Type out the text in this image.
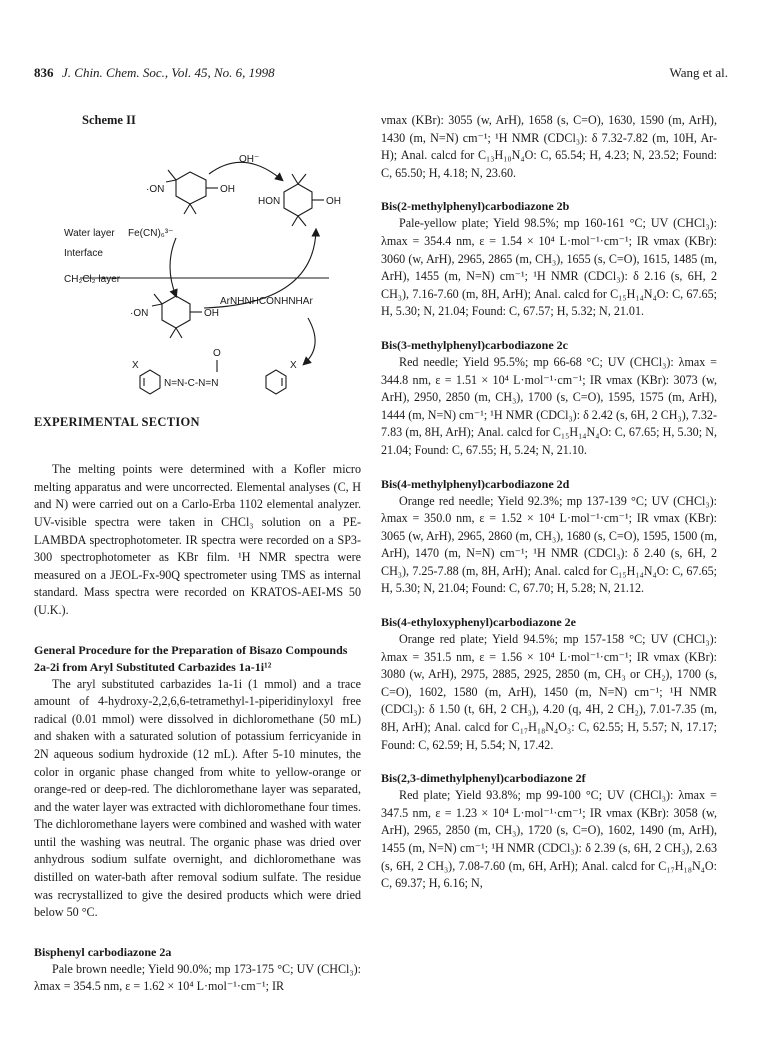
836 J. Chin. Chem. Soc., Vol. 45, No. 6, 1998	Wang et al.
Scheme II
OH⁻
·ON	OH
HON	OH
Water layer Fe(CN)₆³⁻
Interface
CH₂Cl₂ layer
·ON	OH
ArNHNHCONHNHAr
X
O
N=N-C-N=N
X
EXPERIMENTAL SECTION

The melting points were determined with a Kofler micro melting apparatus and were uncorrected. Elemental analyses (C, H and N) were carried out on a Carlo-Erba 1102 elemental analyzer. UV-visible spectra were taken in CHCl₃ solution on a PE-LAMBDA spectrophotometer. IR spectra were recorded on a SP3-300 spectrophotometer as KBr film. ¹H NMR spectra were measured on a JEOL-Fx-90Q spectrometer using TMS as internal standard. Mass spectra were recorded on KRATOS-AEI-MS 50 (U.K.).

General Procedure for the Preparation of Bisazo Compounds 2a-2i from Aryl Substituted Carbazides 1a-1i¹²

The aryl substituted carbazides 1a-1i (1 mmol) and a trace amount of 4-hydroxy-2,2,6,6-tetramethyl-1-piperidinyloxyl free radical (0.01 mmol) were dissolved in dichloromethane (50 mL) and shaken with a saturated solution of potassium ferricyanide in 2N aqueous sodium hydroxide (12 mL). After 5-10 minutes, the color in organic phase changed from white to yellow-orange or orange-red or deep-red. The dichloromethane layer was separated, and the water layer was extracted with dichloromethane four times. The dichloromethane layers were combined and washed with water until the washing was neutral. The organic phase was dried over anhydrous sodium sulfate overnight, and dichloromethane was distilled on water-bath after removal sodium sulfate. The residue was recrystallized to give the desired products which were dried below 50 °C.

Bisphenyl carbodiazone 2a

Pale brown needle; Yield 90.0%; mp 173-175 °C; UV (CHCl₃): λmax = 354.5 nm, ε = 1.62 × 10⁴ L·mol⁻¹·cm⁻¹; IR

νmax (KBr): 3055 (w, ArH), 1658 (s, C=O), 1630, 1590 (m, ArH), 1430 (m, N=N) cm⁻¹; ¹H NMR (CDCl₃): δ 7.32-7.82 (m, 10H, Ar-H); Anal. calcd for C₁₃H₁₀N₄O: C, 65.54; H, 4.23; N, 23.52; Found: C, 65.50; H, 4.18; N, 23.60.

Bis(2-methylphenyl)carbodiazone 2b

Pale-yellow plate; Yield 98.5%; mp 160-161 °C; UV (CHCl₃): λmax = 354.4 nm, ε = 1.54 × 10⁴ L·mol⁻¹·cm⁻¹; IR νmax (KBr): 3060 (w, ArH), 2965, 2865 (m, CH₃), 1655 (s, C=O), 1615, 1485 (m, ArH), 1455 (m, N=N) cm⁻¹; ¹H NMR (CDCl₃): δ 2.16 (s, 6H, 2 CH₃), 7.16-7.60 (m, 8H, ArH); Anal. calcd for C₁₅H₁₄N₄O: C, 67.65; H, 5.30; N, 21.04; Found: C, 67.57; H, 5.32; N, 21.01.

Bis(3-methylphenyl)carbodiazone 2c

Red needle; Yield 95.5%; mp 66-68 °C; UV (CHCl₃): λmax = 344.8 nm, ε = 1.51 × 10⁴ L·mol⁻¹·cm⁻¹; IR νmax (KBr): 3073 (w, ArH), 2950, 2850 (m, CH₃), 1700 (s, C=O), 1595, 1575 (m, ArH), 1444 (m, N=N) cm⁻¹; ¹H NMR (CDCl₃): δ 2.42 (s, 6H, 2 CH₃), 7.32-7.83 (m, 8H, ArH); Anal. calcd for C₁₅H₁₄N₄O: C, 67.65; H, 5.30; N, 21.04; Found: C, 67.55; H, 5.24; N, 21.10.

Bis(4-methylphenyl)carbodiazone 2d

Orange red needle; Yield 92.3%; mp 137-139 °C; UV (CHCl₃): λmax = 350.0 nm, ε = 1.52 × 10⁴ L·mol⁻¹·cm⁻¹; IR νmax (KBr): 3065 (w, ArH), 2965, 2860 (m, CH₃), 1680 (s, C=O), 1595, 1500 (m, ArH), 1470 (m, N=N) cm⁻¹; ¹H NMR (CDCl₃): δ 2.40 (s, 6H, 2 CH₃), 7.25-7.88 (m, 8H, ArH); Anal. calcd for C₁₅H₁₄N₄O: C, 67.65; H, 5.30; N, 21.04; Found: C, 67.70; H, 5.28; N, 21.12.

Bis(4-ethyloxyphenyl)carbodiazone 2e

Orange red plate; Yield 94.5%; mp 157-158 °C; UV (CHCl₃): λmax = 351.5 nm, ε = 1.56 × 10⁴ L·mol⁻¹·cm⁻¹; IR νmax (KBr): 3080 (w, ArH), 2975, 2885, 2925, 2850 (m, CH₃ or CH₂), 1700 (s, C=O), 1602, 1580 (m, ArH), 1450 (m, N=N) cm⁻¹; ¹H NMR (CDCl₃): δ 1.50 (t, 6H, 2 CH₃), 4.20 (q, 4H, 2 CH₂), 7.01-7.35 (m, 8H, ArH); Anal. calcd for C₁₇H₁₈N₄O₃: C, 62.55; H, 5.57; N, 17.17; Found: C, 62.59; H, 5.54; N, 17.42.

Bis(2,3-dimethylphenyl)carbodiazone 2f

Red plate; Yield 93.8%; mp 99-100 °C; UV (CHCl₃): λmax = 347.5 nm, ε = 1.23 × 10⁴ L·mol⁻¹·cm⁻¹; IR νmax (KBr): 3058 (w, ArH), 2965, 2850 (m, CH₃), 1720 (s, C=O), 1602, 1490 (m, ArH), 1455 (m, N=N) cm⁻¹; ¹H NMR (CDCl₃): δ 2.39 (s, 6H, 2 CH₃), 2.63 (s, 6H, 2 CH₃), 7.08-7.60 (m, 6H, ArH); Anal. calcd for C₁₇H₁₈N₄O: C, 69.37; H, 6.16; N,
